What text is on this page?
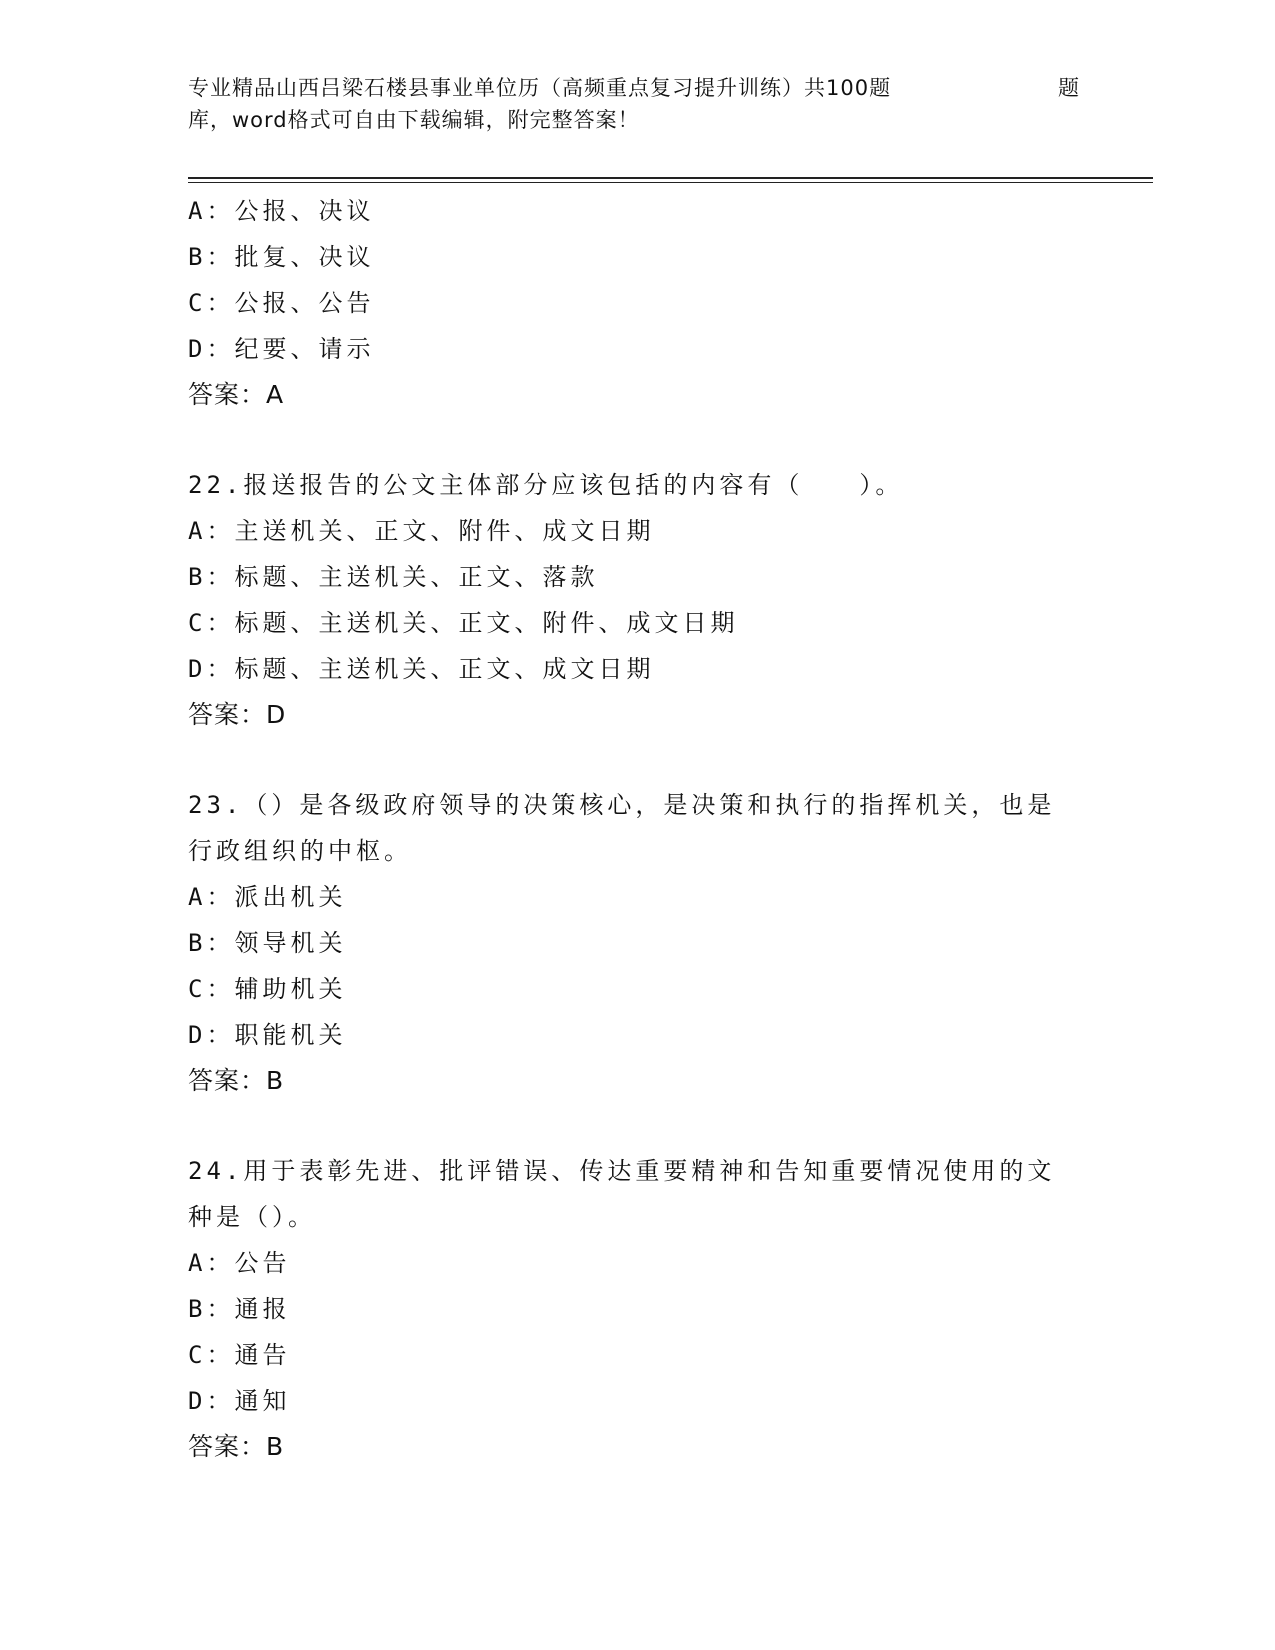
专业精品山西吕梁石楼县事业单位历（高频重点复习提升训练）共100题	题
库，word格式可自由下载编辑，附完整答案！
A：公报、决议
B：批复、决议
C：公报、公告
D：纪要、请示
答案：A
22.报送报告的公文主体部分应该包括的内容有（　　）。
A：主送机关、正文、附件、成文日期
B：标题、主送机关、正文、落款
C：标题、主送机关、正文、附件、成文日期
D：标题、主送机关、正文、成文日期
答案：D
23.（）是各级政府领导的决策核心，是决策和执行的指挥机关，也是行政组织的中枢。
A：派出机关
B：领导机关
C：辅助机关
D：职能机关
答案：B
24.用于表彰先进、批评错误、传达重要精神和告知重要情况使用的文种是（）。
A：公告
B：通报
C：通告
D：通知
答案：B
